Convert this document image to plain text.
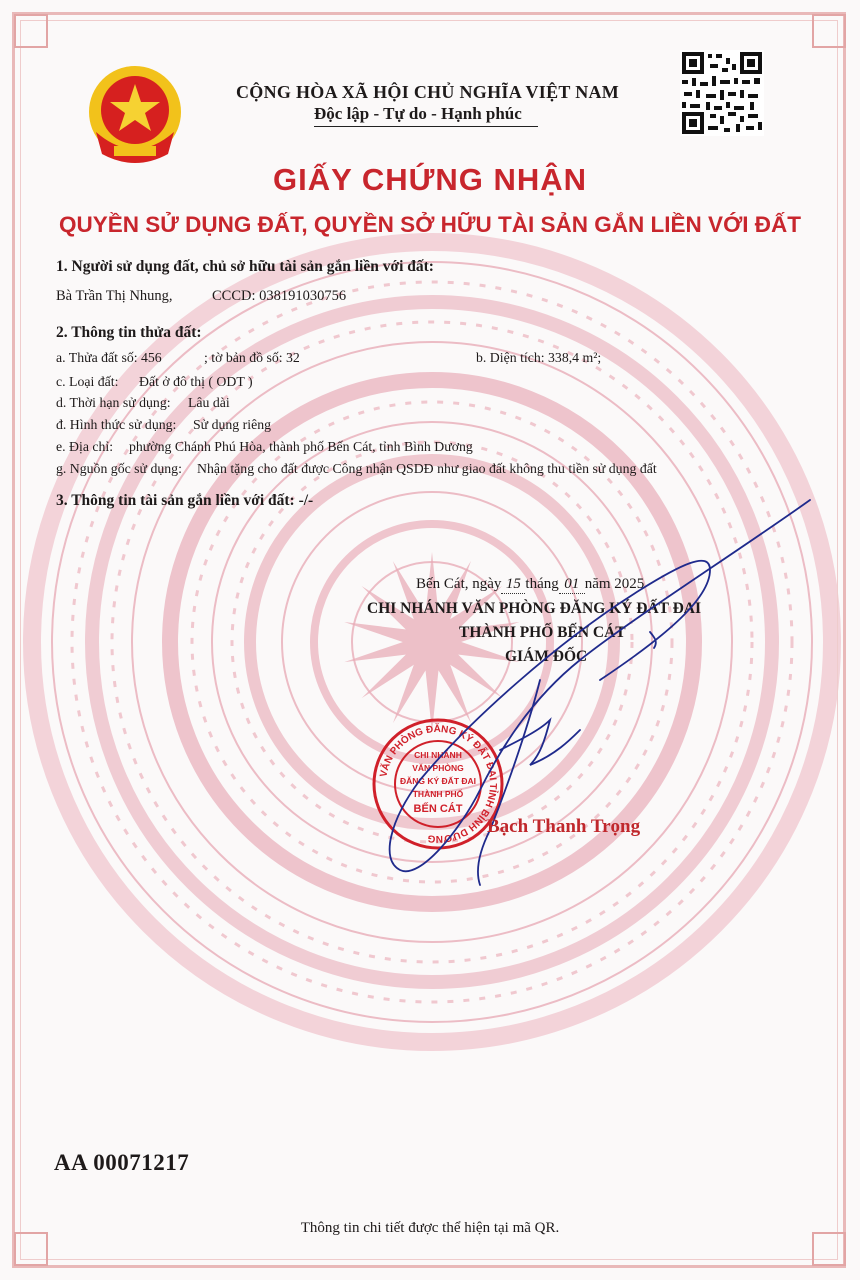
CỘNG HÒA XÃ HỘI CHỦ NGHĨA VIỆT NAM
Độc lập - Tự do - Hạnh phúc
GIẤY CHỨNG NHẬN
QUYỀN SỬ DỤNG ĐẤT, QUYỀN SỞ HỮU TÀI SẢN GẮN LIỀN VỚI ĐẤT
1. Người sử dụng đất, chủ sở hữu tài sản gắn liền với đất:
Bà Trần Thị Nhung,	CCCD: 038191030756
2. Thông tin thửa đất:
a. Thửa đất số: 456	; tờ bản đồ số: 32	b. Diện tích: 338,4 m²;
c. Loại đất: Đất ở đô thị ( ODT )
d. Thời hạn sử dụng: Lâu dài
đ. Hình thức sử dụng: Sử dụng riêng
e. Địa chỉ: phường Chánh Phú Hòa, thành phố Bến Cát, tỉnh Bình Dương
g. Nguồn gốc sử dụng: Nhận tặng cho đất được Công nhận QSDĐ như giao đất không thu tiền sử dụng đất
3. Thông tin tài sản gắn liền với đất: -/-
Bến Cát, ngày 15 tháng 01 năm 2025
CHI NHÁNH VĂN PHÒNG ĐĂNG KÝ ĐẤT ĐAI
THÀNH PHỐ BẾN CÁT
GIÁM ĐỐC
VĂN PHÒNG ĐĂNG KÝ ĐẤT ĐAI TỈNH BÌNH DƯƠNG
CHI NHÁNH
VĂN PHÒNG
ĐĂNG KÝ ĐẤT ĐAI
THÀNH PHỐ
BẾN CÁT
Bạch Thanh Trọng
AA 00071217
Thông tin chi tiết được thể hiện tại mã QR.
